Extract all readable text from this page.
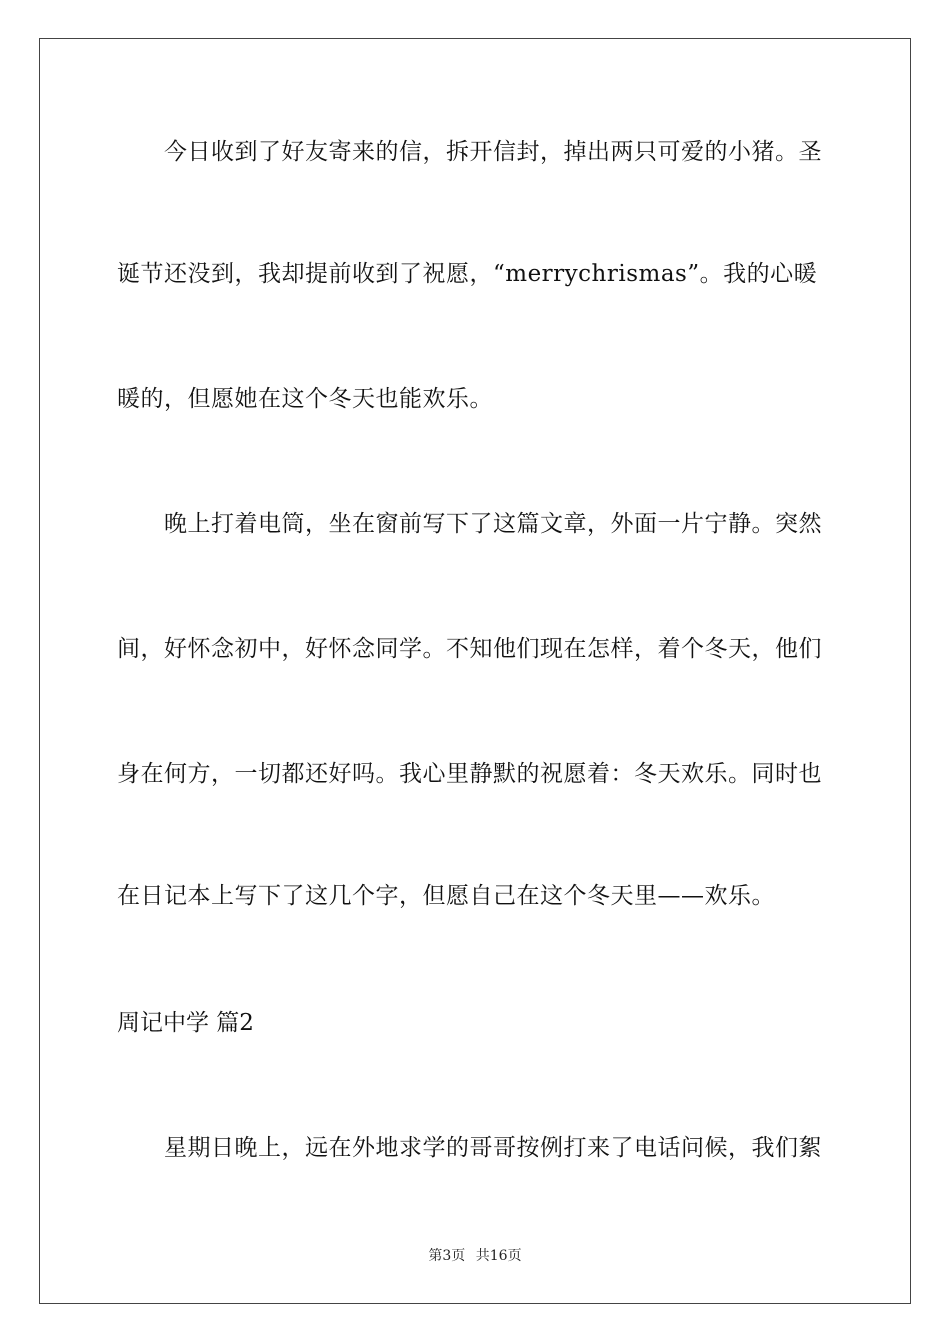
　　今日收到了好友寄来的信，拆开信封，掉出两只可爱的小猪。圣
诞节还没到，我却提前收到了祝愿，“merrychrismas”。我的心暖
暖的，但愿她在这个冬天也能欢乐。
　　晚上打着电筒，坐在窗前写下了这篇文章，外面一片宁静。突然
间，好怀念初中，好怀念同学。不知他们现在怎样，着个冬天，他们
身在何方，一切都还好吗。我心里静默的祝愿着：冬天欢乐。同时也
在日记本上写下了这几个字，但愿自己在这个冬天里——欢乐。
周记中学 篇2
　　星期日晚上，远在外地求学的哥哥按例打来了电话问候，我们絮
第3页 共16页
